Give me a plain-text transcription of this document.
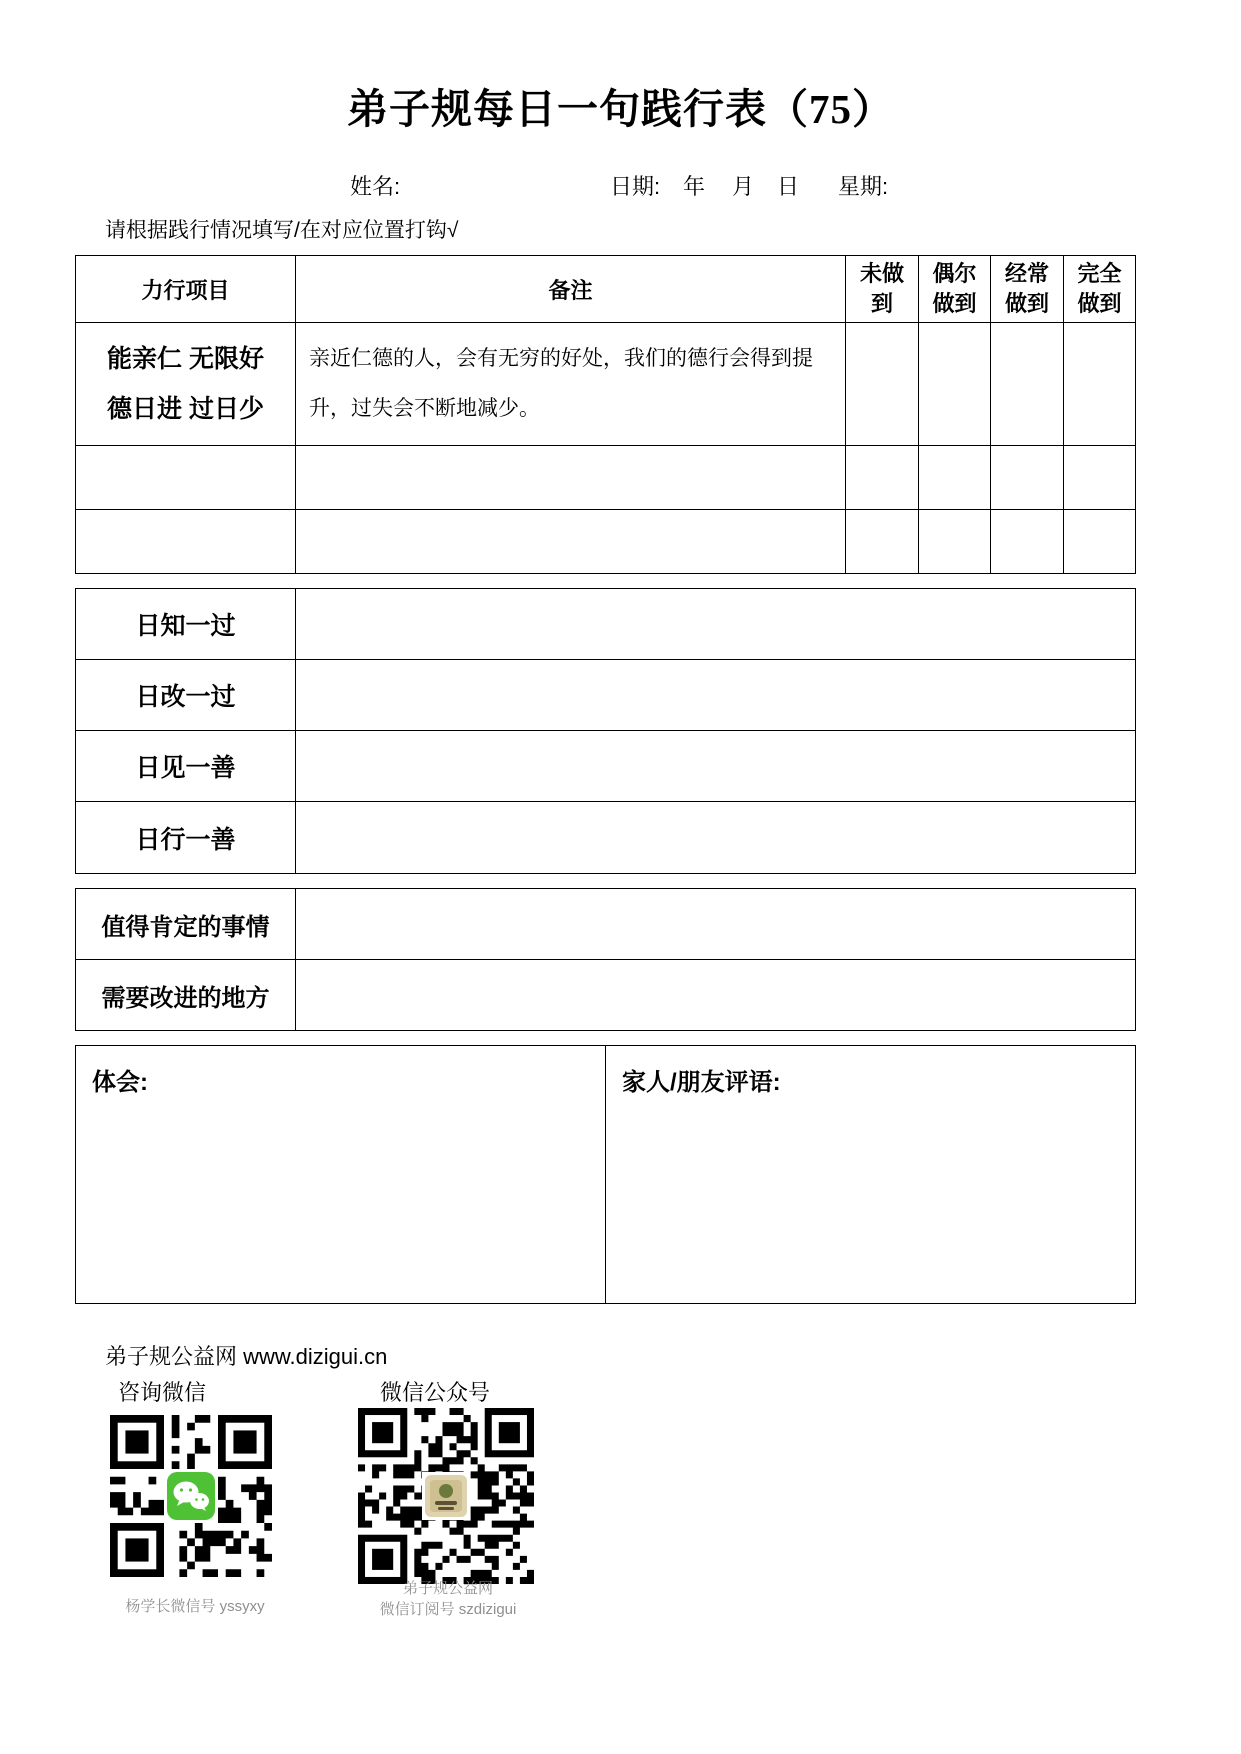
弟子规每日一句践行表（75）
姓名:	日期: 年 月 日 星期:
请根据践行情况填写/在对应位置打钩√
力行项目	备注	未做到	偶尔做到	经常做到	完全做到

能亲仁 无限好
德日进 过日少	亲近仁德的人，会有无穷的好处，我们的德行会得到提升，过失会不断地减少。				

日知一过	
日改一过	
日见一善	
日行一善	
值得肯定的事情	
需要改进的地方	
体会:	家人/朋友评语:
弟子规公益网 www.dizigui.cn
咨询微信	微信公众号
杨学长微信号 yssyxy
弟子规公益网
微信订阅号 szdizigui
